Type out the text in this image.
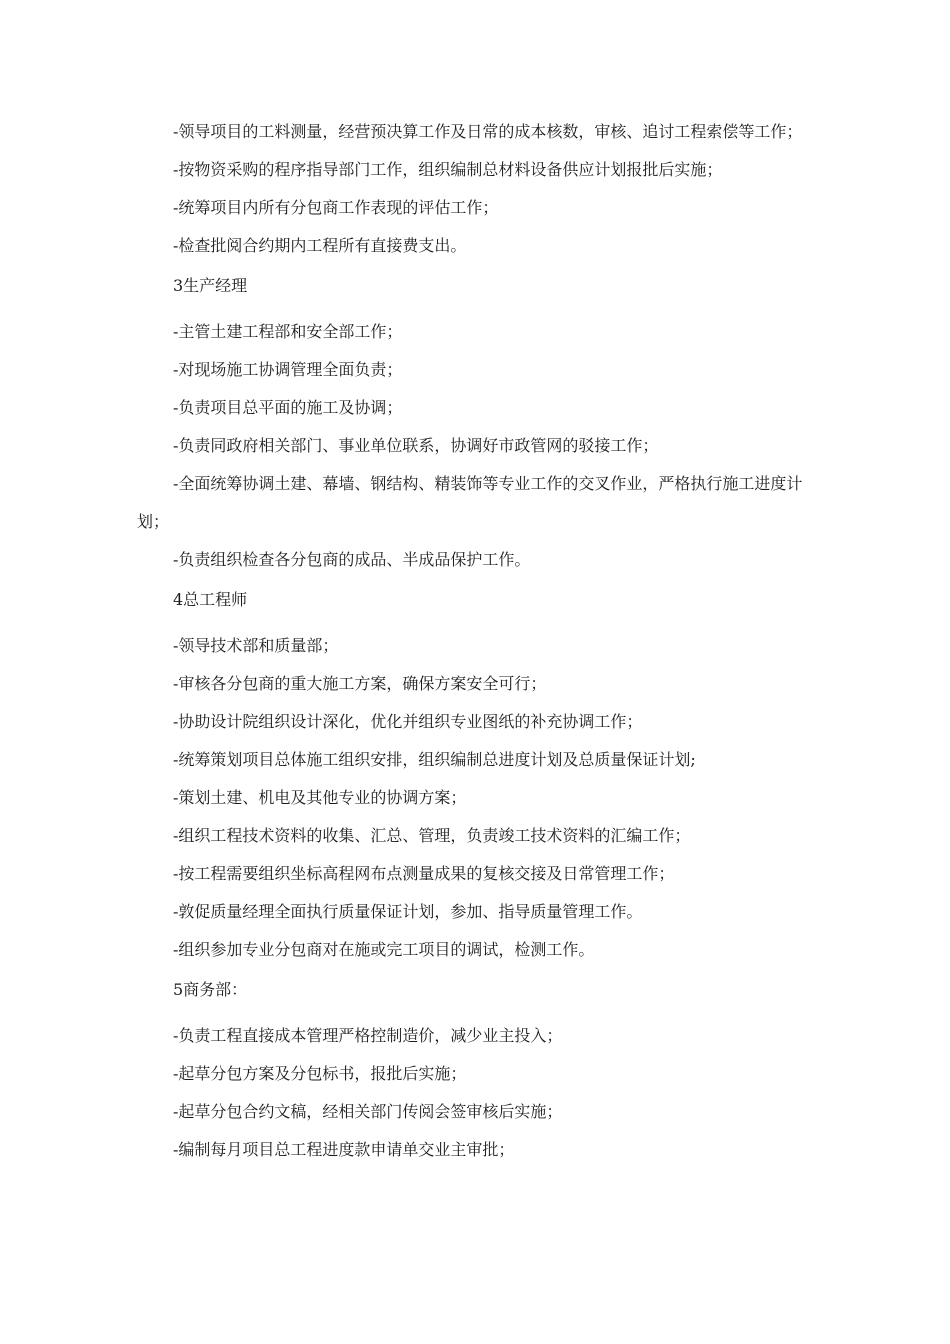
-领导项目的工料测量，经营预决算工作及日常的成本核数，审核、追讨工程索偿等工作；

-按物资采购的程序指导部门工作，组织编制总材料设备供应计划报批后实施；

-统筹项目内所有分包商工作表现的评估工作；

-检查批阅合约期内工程所有直接费支出。

3生产经理

-主管土建工程部和安全部工作；

-对现场施工协调管理全面负责；

-负责项目总平面的施工及协调；

-负责同政府相关部门、事业单位联系，协调好市政管网的驳接工作；

-全面统筹协调土建、幕墙、钢结构、精装饰等专业工作的交叉作业，严格执行施工进度计划；

-负责组织检查各分包商的成品、半成品保护工作。

4总工程师

-领导技术部和质量部；

-审核各分包商的重大施工方案，确保方案安全可行；

-协助设计院组织设计深化，优化并组织专业图纸的补充协调工作；

-统筹策划项目总体施工组织安排，组织编制总进度计划及总质量保证计划;

-策划土建、机电及其他专业的协调方案；

-组织工程技术资料的收集、汇总、管理，负责竣工技术资料的汇编工作；

-按工程需要组织坐标高程网布点测量成果的复核交接及日常管理工作；

-敦促质量经理全面执行质量保证计划，参加、指导质量管理工作。

-组织参加专业分包商对在施或完工项目的调试，检测工作。

5商务部：

-负责工程直接成本管理严格控制造价，减少业主投入；

-起草分包方案及分包标书，报批后实施；

-起草分包合约文稿，经相关部门传阅会签审核后实施；

-编制每月项目总工程进度款申请单交业主审批；
